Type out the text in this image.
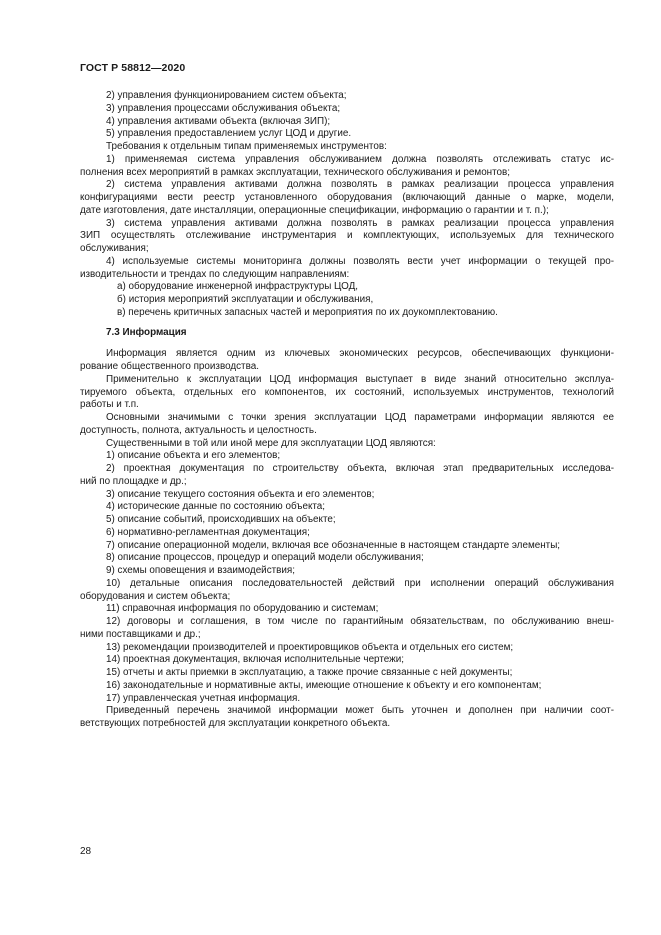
ГОСТ Р 58812—2020
2) управления функционированием систем объекта;
3) управления процессами обслуживания объекта;
4) управления активами объекта (включая ЗИП);
5) управления предоставлением услуг ЦОД и другие.
Требования к отдельным типам применяемых инструментов:
1) применяемая система управления обслуживанием должна позволять отслеживать статус ис-
полнения всех мероприятий в рамках эксплуатации, технического обслуживания и ремонтов;
2) система управления активами должна позволять в рамках реализации процесса управления
конфигурациями вести реестр установленного оборудования (включающий данные о марке, модели,
дате изготовления, дате инсталляции, операционные спецификации, информацию о гарантии и т. п.);
3) система управления активами должна позволять в рамках реализации процесса управления
ЗИП осуществлять отслеживание инструментария и комплектующих, используемых для технического
обслуживания;
4) используемые системы мониторинга должны позволять вести учет информации о текущей про-
изводительности и трендах по следующим направлениям:
а) оборудование инженерной инфраструктуры ЦОД,
б) история мероприятий эксплуатации и обслуживания,
в) перечень критичных запасных частей и мероприятия по их доукомплектованию.
7.3 Информация
Информация является одним из ключевых экономических ресурсов, обеспечивающих функциони-
рование общественного производства.
Применительно к эксплуатации ЦОД информация выступает в виде знаний относительно эксплуа-
тируемого объекта, отдельных его компонентов, их состояний, используемых инструментов, технологий
работы и т.п.
Основными значимыми с точки зрения эксплуатации ЦОД параметрами информации являются ее
доступность, полнота, актуальность и целостность.
Существенными в той или иной мере для эксплуатации ЦОД являются:
1) описание объекта и его элементов;
2) проектная документация по строительству объекта, включая этап предварительных исследова-
ний по площадке и др.;
3) описание текущего состояния объекта и его элементов;
4) исторические данные по состоянию объекта;
5) описание событий, происходивших на объекте;
6) нормативно-регламентная документация;
7) описание операционной модели, включая все обозначенные в настоящем стандарте элементы;
8) описание процессов, процедур и операций модели обслуживания;
9) схемы оповещения и взаимодействия;
10) детальные описания последовательностей действий при исполнении операций обслуживания
оборудования и систем объекта;
11) справочная информация по оборудованию и системам;
12) договоры и соглашения, в том числе по гарантийным обязательствам, по обслуживанию внеш-
ними поставщиками и др.;
13) рекомендации производителей и проектировщиков объекта и отдельных его систем;
14) проектная документация, включая исполнительные чертежи;
15) отчеты и акты приемки в эксплуатацию, а также прочие связанные с ней документы;
16) законодательные и нормативные акты, имеющие отношение к объекту и его компонентам;
17) управленческая учетная информация.
Приведенный перечень значимой информации может быть уточнен и дополнен при наличии соот-
ветствующих потребностей для эксплуатации конкретного объекта.
28
